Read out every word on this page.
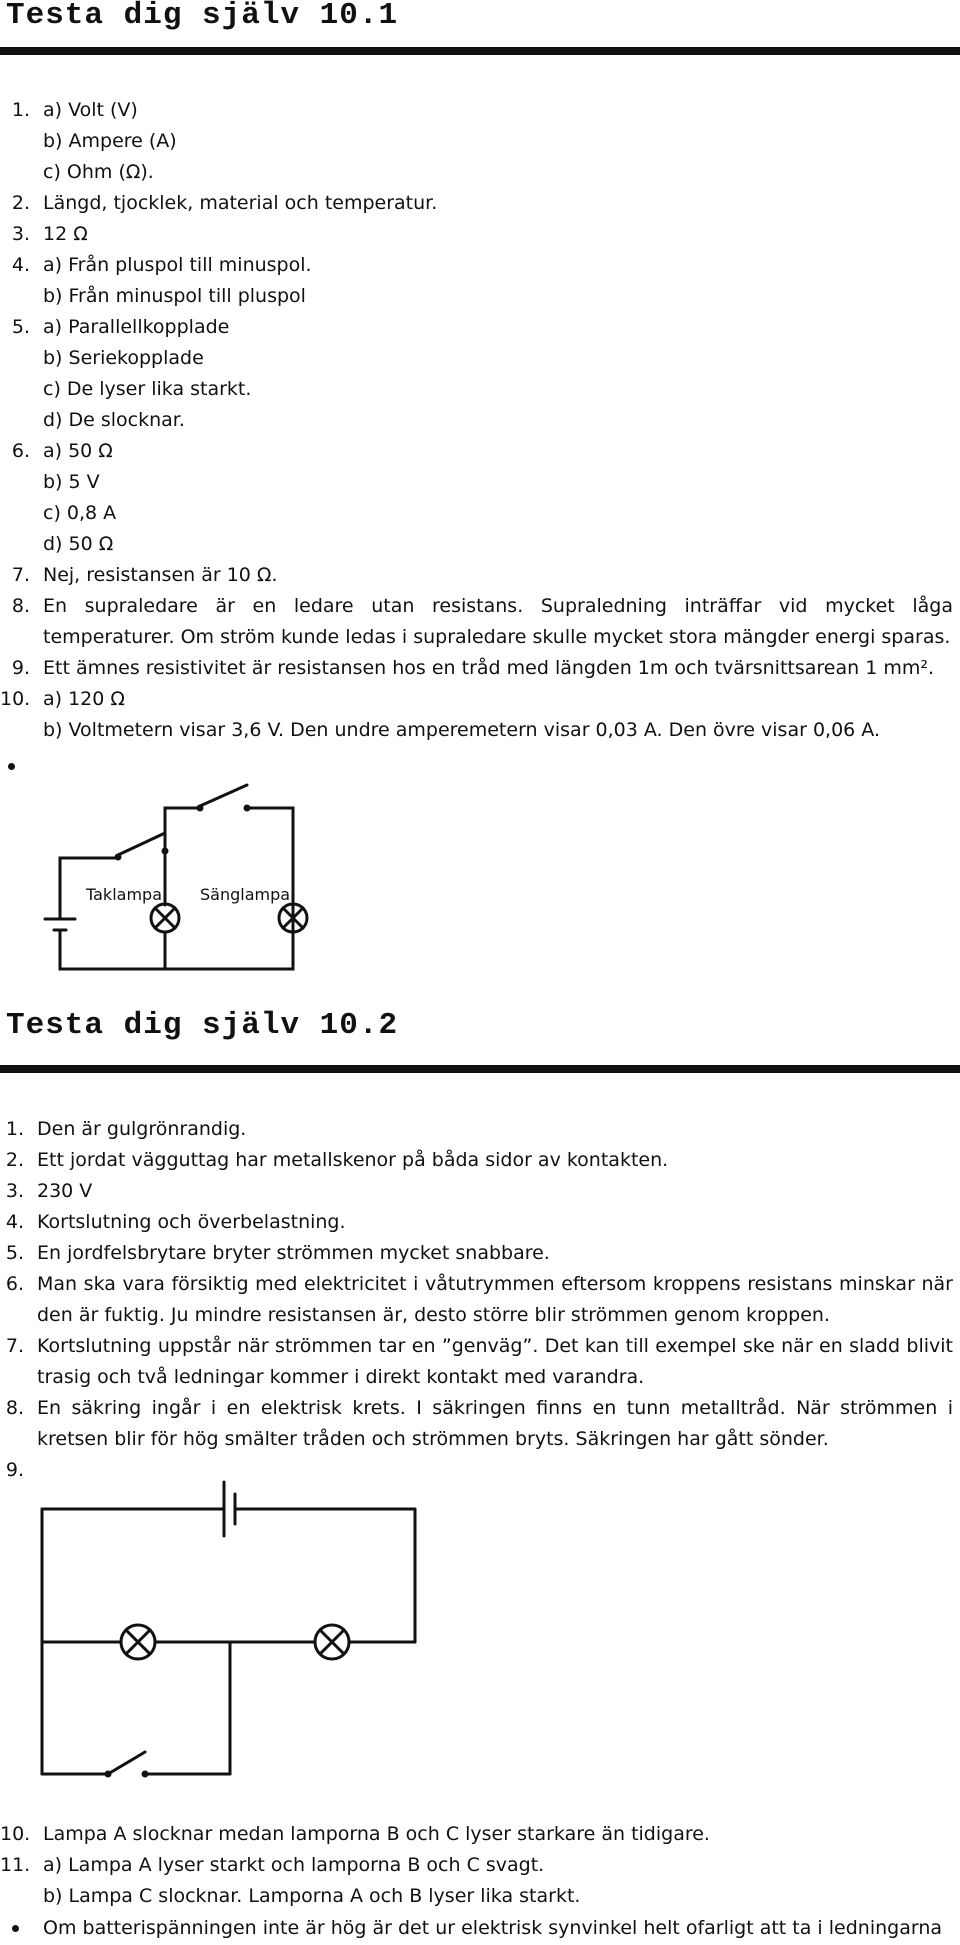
Testa dig själv 10.1
1. a) Volt (V)
b) Ampere (A)
c) Ohm (Ω).
2. Längd, tjocklek, material och temperatur.
3. 12 Ω
4. a) Från pluspol till minuspol.
b) Från minuspol till pluspol
5. a) Parallellkopplade
b) Seriekopplade
c) De lyser lika starkt.
d) De slocknar.
6. a) 50 Ω
b) 5 V
c) 0,8 A
d) 50 Ω
7. Nej, resistansen är 10 Ω.
8. En supraledare är en ledare utan resistans. Supraledning inträffar vid mycket låga temperaturer. Om ström kunde ledas i supraledare skulle mycket stora mängder energi sparas.
9. Ett ämnes resistivitet är resistansen hos en tråd med längden 1m och tvärsnittsarean 1 mm².
10. a) 120 Ω
b) Voltmetern visar 3,6 V. Den undre amperemetern visar 0,03 A. Den övre visar 0,06 A.
Taklampa Sänglampa
Testa dig själv 10.2
1. Den är gulgrönrandig.
2. Ett jordat vägguttag har metallskenor på båda sidor av kontakten.
3. 230 V
4. Kortslutning och överbelastning.
5. En jordfelsbrytare bryter strömmen mycket snabbare.
6. Man ska vara försiktig med elektricitet i våtutrymmen eftersom kroppens resistans minskar när den är fuktig. Ju mindre resistansen är, desto större blir strömmen genom kroppen.
7. Kortslutning uppstår när strömmen tar en ”genväg”. Det kan till exempel ske när en sladd blivit trasig och två ledningar kommer i direkt kontakt med varandra.
8. En säkring ingår i en elektrisk krets. I säkringen finns en tunn metalltråd. När strömmen i kretsen blir för hög smälter tråden och strömmen bryts. Säkringen har gått sönder.
9.
10. Lampa A slocknar medan lamporna B och C lyser starkare än tidigare.
11. a) Lampa A lyser starkt och lamporna B och C svagt.
b) Lampa C slocknar. Lamporna A och B lyser lika starkt.
Om batterispänningen inte är hög är det ur elektrisk synvinkel helt ofarligt att ta i ledningarna
